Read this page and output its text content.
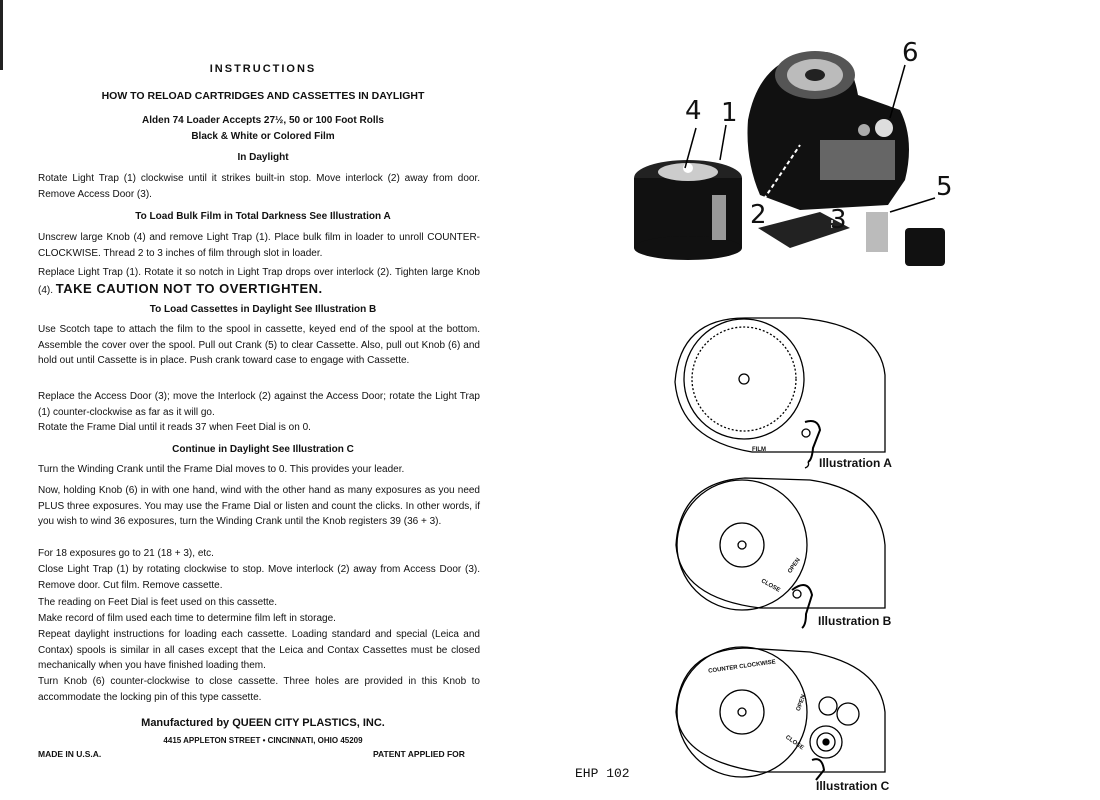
INSTRUCTIONS
HOW TO RELOAD CARTRIDGES AND CASSETTES IN DAYLIGHT
Alden 74 Loader Accepts 27½, 50 or 100 Foot Rolls
Black & White or Colored Film
In Daylight
Rotate Light Trap (1) clockwise until it strikes built-in stop. Move interlock (2) away from door. Remove Access Door (3).
To Load Bulk Film in Total Darkness See Illustration A
Unscrew large Knob (4) and remove Light Trap (1). Place bulk film in loader to unroll COUNTER-CLOCKWISE. Thread 2 to 3 inches of film through slot in loader.
Replace Light Trap (1). Rotate it so notch in Light Trap drops over interlock (2). Tighten large Knob (4). TAKE CAUTION NOT TO OVERTIGHTEN.
To Load Cassettes in Daylight See Illustration B
Use Scotch tape to attach the film to the spool in cassette, keyed end of the spool at the bottom. Assemble the cover over the spool. Pull out Crank (5) to clear Cassette. Also, pull out Knob (6) and hold out until Cassette is in place. Push crank toward case to engage with Cassette.
Replace the Access Door (3); move the Interlock (2) against the Access Door; rotate the Light Trap (1) counter-clockwise as far as it will go.
Rotate the Frame Dial until it reads 37 when Feet Dial is on 0.
Continue in Daylight See Illustration C
Turn the Winding Crank until the Frame Dial moves to 0. This provides your leader.
Now, holding Knob (6) in with one hand, wind with the other hand as many exposures as you need PLUS three exposures. You may use the Frame Dial or listen and count the clicks. In other words, if you wish to wind 36 exposures, turn the Winding Crank until the Knob registers 39 (36 + 3).
For 18 exposures go to 21 (18 + 3), etc.
Close Light Trap (1) by rotating clockwise to stop. Move interlock (2) away from Access Door (3). Remove door. Cut film. Remove cassette.
The reading on Feet Dial is feet used on this cassette.
Make record of film used each time to determine film left in storage.
Repeat daylight instructions for loading each cassette. Loading standard and special (Leica and Contax) spools is similar in all cases except that the Leica and Contax Cassettes must be closed mechanically when you have finished loading them.
Turn Knob (6) counter-clockwise to close cassette. Three holes are provided in this Knob to accommodate the locking pin of this type cassette.
Manufactured by QUEEN CITY PLASTICS, INC.
4415 APPLETON STREET • CINCINNATI, OHIO 45209
MADE IN U.S.A.	PATENT APPLIED FOR
EHP 102
4 1
2 3
5
6
FILM
CLOSE
OPEN
COUNTER CLOCKWISE
CLOSE
OPEN
Illustration A
Illustration B
Illustration C
